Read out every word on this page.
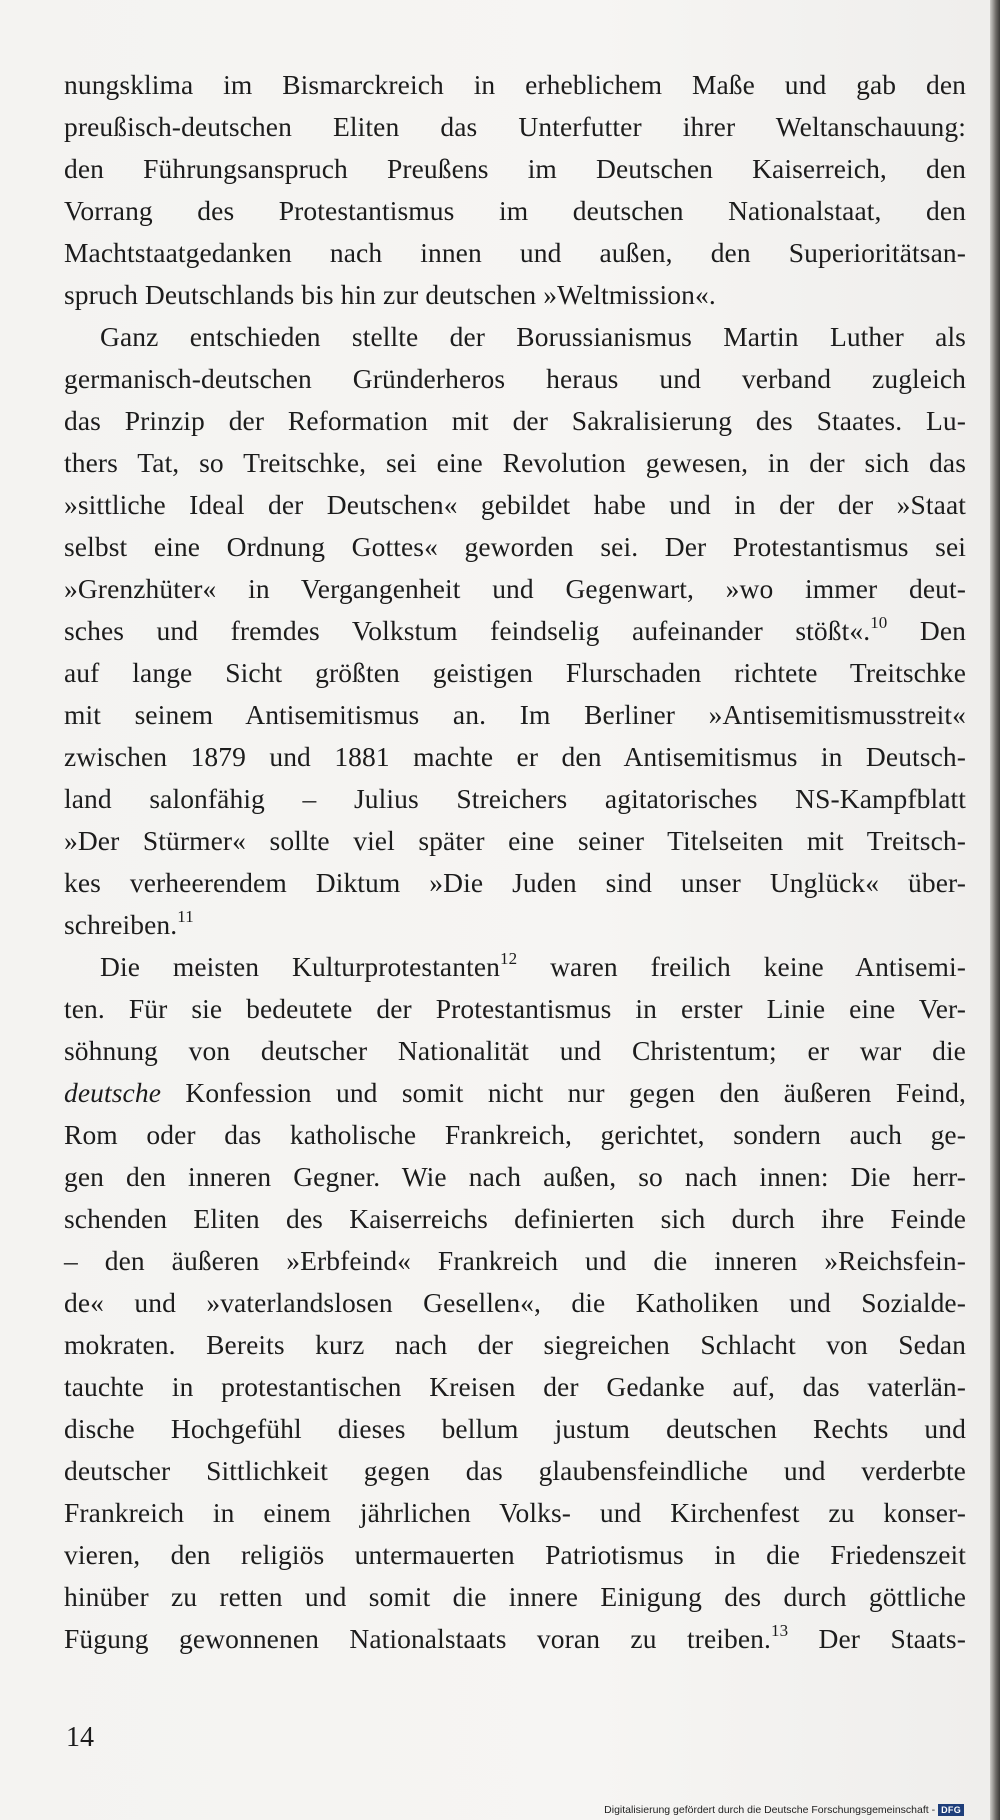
nungsklima im Bismarckreich in erheblichem Maße und gab den
preußisch-deutschen Eliten das Unterfutter ihrer Weltanschauung:
den Führungsanspruch Preußens im Deutschen Kaiserreich, den
Vorrang des Protestantismus im deutschen Nationalstaat, den
Machtstaatgedanken nach innen und außen, den Superioritätsan-
spruch Deutschlands bis hin zur deutschen »Weltmission«.
Ganz entschieden stellte der Borussianismus Martin Luther als
germanisch-deutschen Gründerheros heraus und verband zugleich
das Prinzip der Reformation mit der Sakralisierung des Staates. Lu-
thers Tat, so Treitschke, sei eine Revolution gewesen, in der sich das
»sittliche Ideal der Deutschen« gebildet habe und in der der »Staat
selbst eine Ordnung Gottes« geworden sei. Der Protestantismus sei
»Grenzhüter« in Vergangenheit und Gegenwart, »wo immer deut-
sches und fremdes Volkstum feindselig aufeinander stößt«.$^{10}$ Den
auf lange Sicht größten geistigen Flurschaden richtete Treitschke
mit seinem Antisemitismus an. Im Berliner »Antisemitismusstreit«
zwischen 1879 und 1881 machte er den Antisemitismus in Deutsch-
land salonfähig – Julius Streichers agitatorisches NS-Kampfblatt
»Der Stürmer« sollte viel später eine seiner Titelseiten mit Treitsch-
kes verheerendem Diktum »Die Juden sind unser Unglück« über-
schreiben.$^{11}$
Die meisten Kulturprotestanten$^{12}$ waren freilich keine Antisemi-
ten. Für sie bedeutete der Protestantismus in erster Linie eine Ver-
söhnung von deutscher Nationalität und Christentum; er war die
deutsche Konfession und somit nicht nur gegen den äußeren Feind,
Rom oder das katholische Frankreich, gerichtet, sondern auch ge-
gen den inneren Gegner. Wie nach außen, so nach innen: Die herr-
schenden Eliten des Kaiserreichs definierten sich durch ihre Feinde
– den äußeren »Erbfeind« Frankreich und die inneren »Reichsfein-
de« und »vaterlandslosen Gesellen«, die Katholiken und Sozialde-
mokraten. Bereits kurz nach der siegreichen Schlacht von Sedan
tauchte in protestantischen Kreisen der Gedanke auf, das vaterlän-
dische Hochgefühl dieses bellum justum deutschen Rechts und
deutscher Sittlichkeit gegen das glaubensfeindliche und verderbte
Frankreich in einem jährlichen Volks- und Kirchenfest zu konser-
vieren, den religiös untermauerten Patriotismus in die Friedenszeit
hinüber zu retten und somit die innere Einigung des durch göttliche
Fügung gewonnenen Nationalstaats voran zu treiben.$^{13}$ Der Staats-
14
Digitalisierung gefördert durch die Deutsche Forschungsgemeinschaft - DFG
